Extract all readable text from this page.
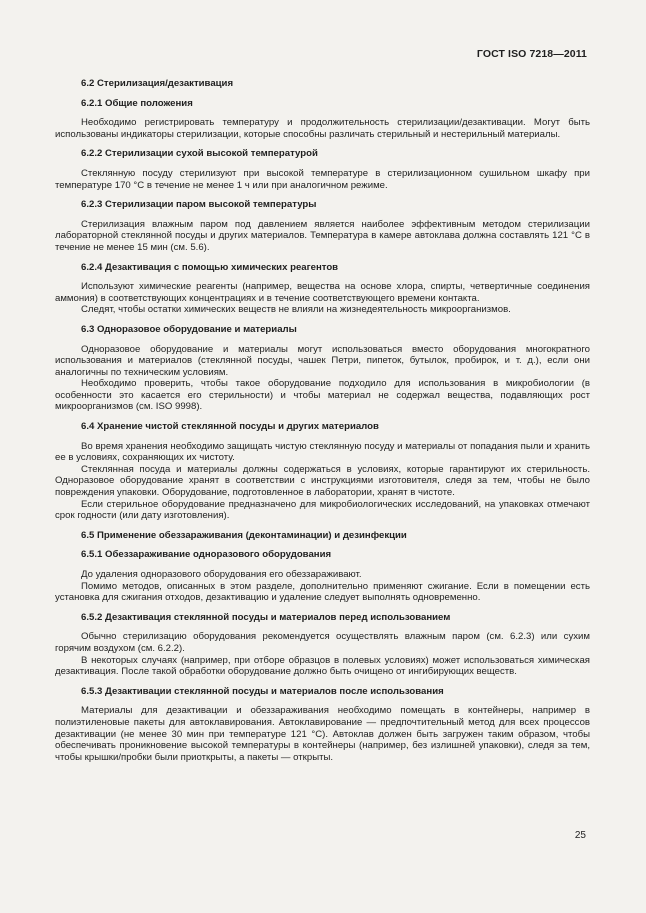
ГОСТ ISO 7218—2011

6.2 Стерилизация/дезактивация

6.2.1 Общие положения

Необходимо регистрировать температуру и продолжительность стерилизации/дезактивации. Могут быть использованы индикаторы стерилизации, которые способны различать стерильный и нестерильный материалы.

6.2.2 Стерилизации сухой высокой температурой

Стеклянную посуду стерилизуют при высокой температуре в стерилизационном сушильном шкафу при температуре 170 °С в течение не менее 1 ч или при аналогичном режиме.

6.2.3 Стерилизации паром высокой температуры

Стерилизация влажным паром под давлением является наиболее эффективным методом стерилизации лабораторной стеклянной посуды и других материалов. Температура в камере автоклава должна составлять 121 °С в течение не менее 15 мин (см. 5.6).

6.2.4 Дезактивация с помощью химических реагентов

Используют химические реагенты (например, вещества на основе хлора, спирты, четвертичные соединения аммония) в соответствующих концентрациях и в течение соответствующего времени контакта.

Следят, чтобы остатки химических веществ не влияли на жизнедеятельность микроорганизмов.

6.3 Одноразовое оборудование и материалы

Одноразовое оборудование и материалы могут использоваться вместо оборудования многократного использования и материалов (стеклянной посуды, чашек Петри, пипеток, бутылок, пробирок, и т. д.), если они аналогичны по техническим условиям.

Необходимо проверить, чтобы такое оборудование подходило для использования в микробиологии (в особенности это касается его стерильности) и чтобы материал не содержал вещества, подавляющих рост микроорганизмов (см. ISO 9998).

6.4 Хранение чистой стеклянной посуды и других материалов

Во время хранения необходимо защищать чистую стеклянную посуду и материалы от попадания пыли и хранить ее в условиях, сохраняющих их чистоту.

Стеклянная посуда и материалы должны содержаться в условиях, которые гарантируют их стерильность. Одноразовое оборудование хранят в соответствии с инструкциями изготовителя, следя за тем, чтобы не было повреждения упаковки. Оборудование, подготовленное в лаборатории, хранят в чистоте.

Если стерильное оборудование предназначено для микробиологических исследований, на упаковках отмечают срок годности (или дату изготовления).

6.5 Применение обеззараживания (деконтаминации) и дезинфекции

6.5.1 Обеззараживание одноразового оборудования

До удаления одноразового оборудования его обеззараживают.

Помимо методов, описанных в этом разделе, дополнительно применяют сжигание. Если в помещении есть установка для сжигания отходов, дезактивацию и удаление следует выполнять одновременно.

6.5.2 Дезактивация стеклянной посуды и материалов перед использованием

Обычно стерилизацию оборудования рекомендуется осуществлять влажным паром (см. 6.2.3) или сухим горячим воздухом (см. 6.2.2).

В некоторых случаях (например, при отборе образцов в полевых условиях) может использоваться химическая дезактивация. После такой обработки оборудование должно быть очищено от ингибирующих веществ.

6.5.3 Дезактивации стеклянной посуды и материалов после использования

Материалы для дезактивации и обеззараживания необходимо помещать в контейнеры, например в полиэтиленовые пакеты для автоклавирования. Автоклавирование — предпочтительный метод для всех процессов дезактивации (не менее 30 мин при температуре 121 °С). Автоклав должен быть загружен таким образом, чтобы обеспечивать проникновение высокой температуры в контейнеры (например, без излишней упаковки), следя за тем, чтобы крышки/пробки были приоткрыты, а пакеты — открыты.

25
